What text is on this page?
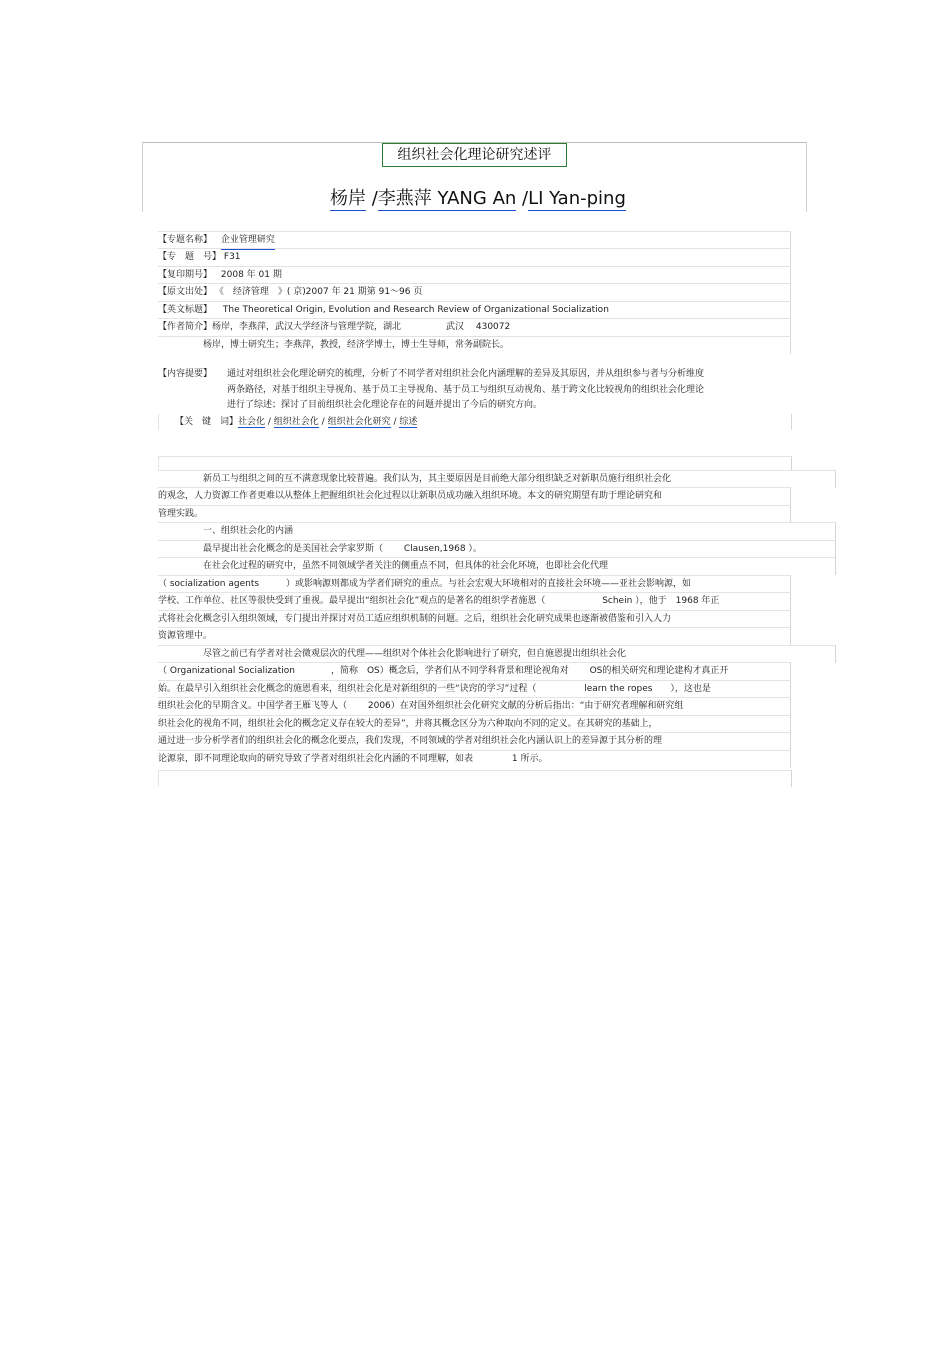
组织社会化理论研究述评
杨岸 /李燕萍 YANG An /LI Yan-ping
【专题名称】 企业管理研究
【专　题　号】 F31
【复印期号】 2008 年 01 期
【原文出处】 《　经济管理　》( 京)2007 年 21 期第 91～96 页
【英文标题】 The Theoretical Origin, Evolution and Research Review of Organizational Socialization
【作者简介】杨岸，李燕萍，武汉大学经济与管理学院，湖北　　　　　武汉　 430072
杨岸，博士研究生；李燕萍，教授，经济学博士，博士生导师，常务副院长。
【内容提要】 通过对组织社会化理论研究的梳理，分析了不同学者对组织社会化内涵理解的差异及其原因，并从组织参与者与分析维度
两条路径，对基于组织主导视角、基于员工主导视角、基于员工与组织互动视角、基于跨文化比较视角的组织社会化理论
进行了综述；探讨了目前组织社会化理论存在的问题并提出了今后的研究方向。
【关　键　词】社会化 / 组织社会化 / 组织社会化研究 / 综述
新员工与组织之间的互不满意现象比较普遍。我们认为，其主要原因是目前绝大部分组织缺乏对新职员施行组织社会化
的观念，人力资源工作者更难以从整体上把握组织社会化过程以让新职员成功融入组织环境。本文的研究期望有助于理论研究和
管理实践。
一、组织社会化的内涵
最早提出社会化概念的是美国社会学家罗斯（　　 Clausen,1968 ）。
在社会化过程的研究中，虽然不同领域学者关注的侧重点不同，但具体的社会化环境，也即社会化代理
（ socialization agents　　　）或影响源则都成为学者们研究的重点。与社会宏观大环境相对的直接社会环境——亚社会影响源，如
学校、工作单位、社区等很快受到了重视。最早提出“组织社会化”观点的是著名的组织学者施恩（　　　　　　 Schein ），他于　1968 年正
式将社会化概念引入组织领域，专门提出并探讨对员工适应组织机制的问题。之后，组织社会化研究成果也逐渐被借鉴和引入人力
资源管理中。
尽管之前已有学者对社会微观层次的代理——组织对个体社会化影响进行了研究，但自施恩提出组织社会化
（ Organizational Socialization　　　　，简称　OS）概念后，学者们从不同学科背景和理论视角对　　 OS的相关研究和理论建构才真正开
始。在最早引入组织社会化概念的施恩看来，组织社会化是对新组织的一些“诀窍的学习”过程（　　　　　 learn the ropes　　），这也是
组织社会化的早期含义。中国学者王雁飞等人（　　 2006）在对国外组织社会化研究文献的分析后指出：“由于研究者理解和研究组
织社会化的视角不同，组织社会化的概念定义存在较大的差异”，并将其概念区分为六种取向不同的定义。在其研究的基础上，
通过进一步分析学者们的组织社会化的概念化要点，我们发现，不同领域的学者对组织社会化内涵认识上的差异源于其分析的理
论源泉，即不同理论取向的研究导致了学者对组织社会化内涵的不同理解，如表　　　　 1 所示。
